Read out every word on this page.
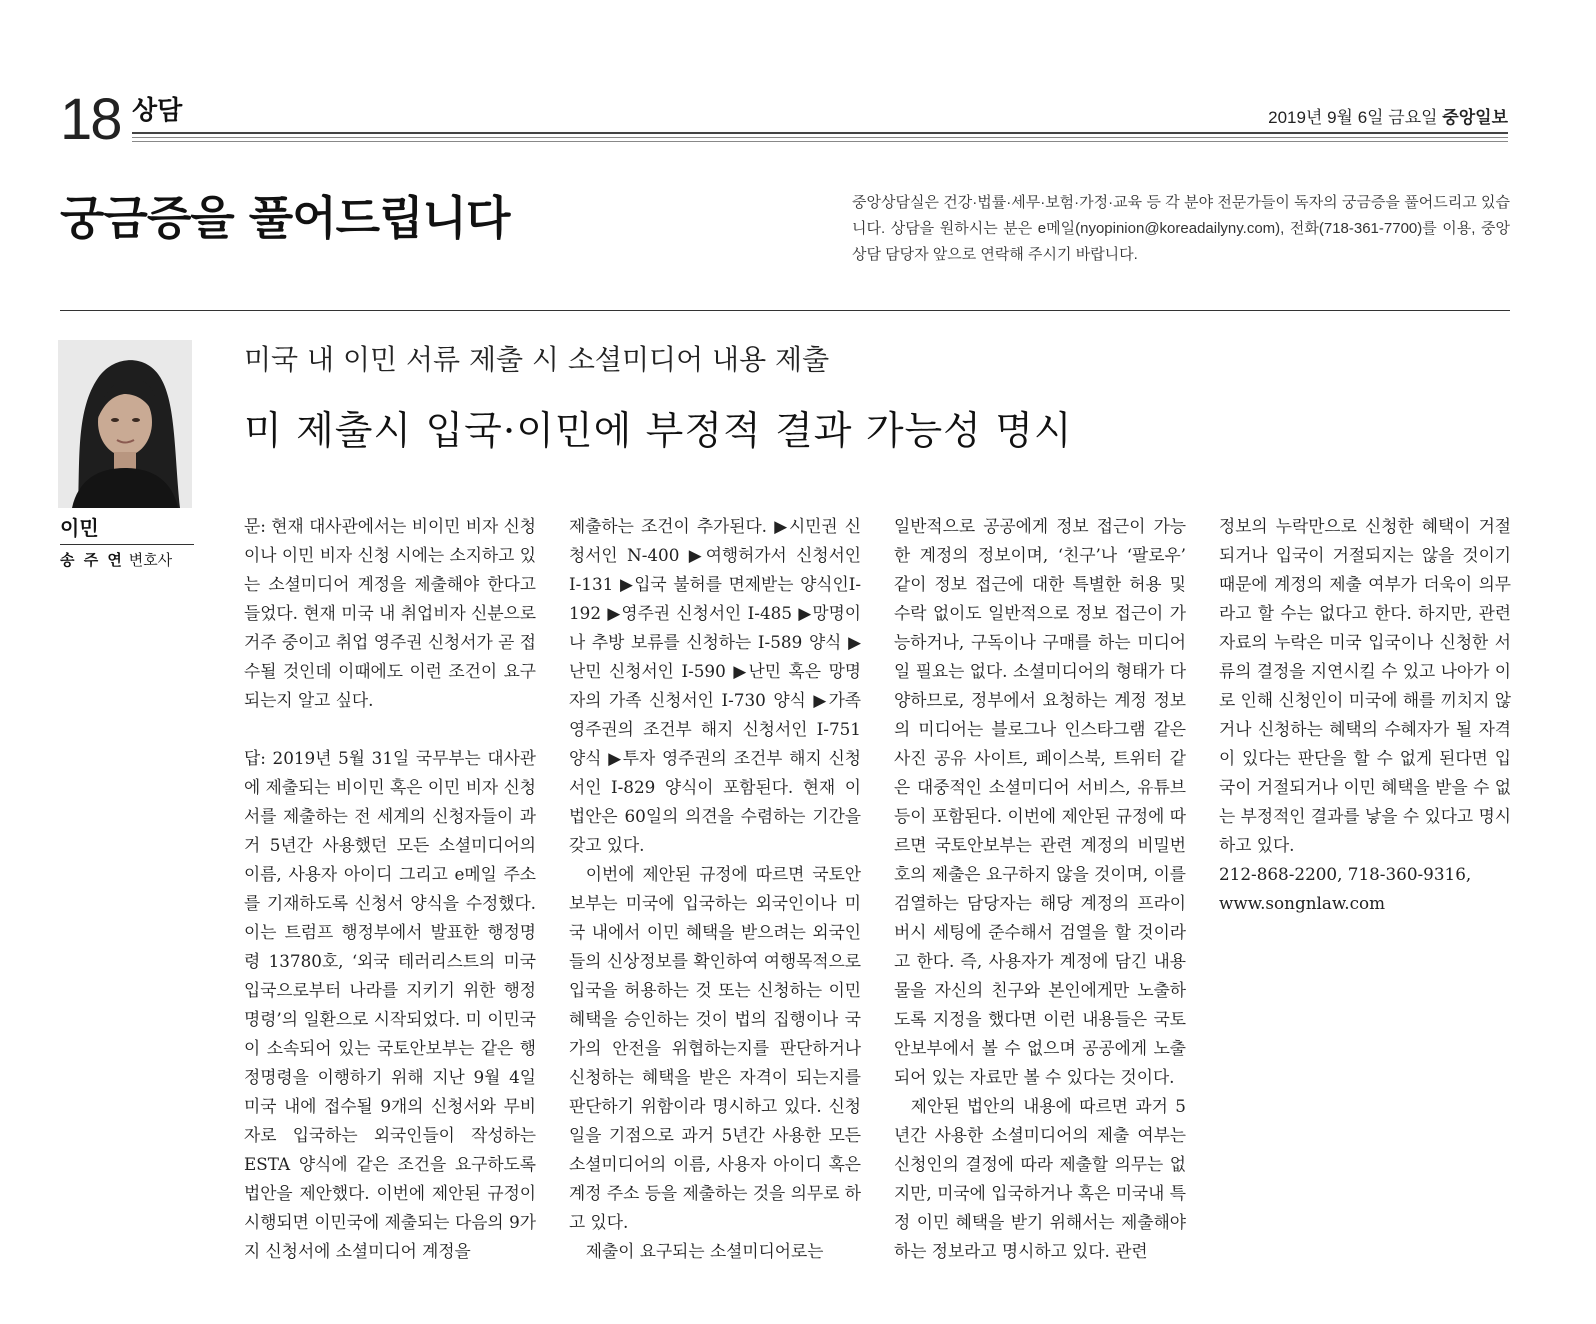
18 상담	2019년 9월 6일 금요일 중앙일보
궁금증을 풀어드립니다	중앙상담실은 건강·법률·세무·보험·가정·교육 등 각 분야 전문가들이 독자의 궁금증을 풀어드리고 있습니다. 상담을 원하시는 분은 e메일(nyopinion@koreadailyny.com), 전화(718-361-7700)를 이용, 중앙상담 담당자 앞으로 연락해 주시기 바랍니다.
이민
송 주 연 변호사
미국 내 이민 서류 제출 시 소셜미디어 내용 제출
미 제출시 입국·이민에 부정적 결과 가능성 명시

문: 현재 대사관에서는 비이민 비자 신청이나 이민 비자 신청 시에는 소지하고 있는 소셜미디어 계정을 제출해야 한다고 들었다. 현재 미국 내 취업비자 신분으로 거주 중이고 취업 영주권 신청서가 곧 접수될 것인데 이때에도 이런 조건이 요구되는지 알고 싶다.

답: 2019년 5월 31일 국무부는 대사관에 제출되는 비이민 혹은 이민 비자 신청서를 제출하는 전 세계의 신청자들이 과거 5년간 사용했던 모든 소셜미디어의 이름, 사용자 아이디 그리고 e메일 주소를 기재하도록 신청서 양식을 수정했다. 이는 트럼프 행정부에서 발표한 행정명령 13780호, ‘외국 테러리스트의 미국 입국으로부터 나라를 지키기 위한 행정명령’의 일환으로 시작되었다. 미 이민국이 소속되어 있는 국토안보부는 같은 행정명령을 이행하기 위해 지난 9월 4일 미국 내에 접수될 9개의 신청서와 무비자로 입국하는 외국인들이 작성하는 ESTA 양식에 같은 조건을 요구하도록 법안을 제안했다. 이번에 제안된 규정이 시행되면 이민국에 제출되는 다음의 9가지 신청서에 소셜미디어 계정을

제출하는 조건이 추가된다. ▶시민권 신청서인 N-400 ▶여행허가서 신청서인 I-131 ▶입국 불허를 면제받는 양식인I-192 ▶영주권 신청서인 I-485 ▶망명이나 추방 보류를 신청하는 I-589 양식 ▶난민 신청서인 I-590 ▶난민 혹은 망명자의 가족 신청서인 I-730 양식 ▶가족 영주권의 조건부 해지 신청서인 I-751 양식 ▶투자 영주권의 조건부 해지 신청서인 I-829 양식이 포함된다. 현재 이 법안은 60일의 의견을 수렴하는 기간을 갖고 있다.

이번에 제안된 규정에 따르면 국토안보부는 미국에 입국하는 외국인이나 미국 내에서 이민 혜택을 받으려는 외국인들의 신상정보를 확인하여 여행목적으로 입국을 허용하는 것 또는 신청하는 이민 혜택을 승인하는 것이 법의 집행이나 국가의 안전을 위협하는지를 판단하거나 신청하는 혜택을 받은 자격이 되는지를 판단하기 위함이라 명시하고 있다. 신청일을 기점으로 과거 5년간 사용한 모든 소셜미디어의 이름, 사용자 아이디 혹은 계정 주소 등을 제출하는 것을 의무로 하고 있다.

제출이 요구되는 소셜미디어로는

일반적으로 공공에게 정보 접근이 가능한 계정의 정보이며, ‘친구’나 ‘팔로우’ 같이 정보 접근에 대한 특별한 허용 및 수락 없이도 일반적으로 정보 접근이 가능하거나, 구독이나 구매를 하는 미디어일 필요는 없다. 소셜미디어의 형태가 다양하므로, 정부에서 요청하는 계정 정보의 미디어는 블로그나 인스타그램 같은 사진 공유 사이트, 페이스북, 트위터 같은 대중적인 소셜미디어 서비스, 유튜브 등이 포함된다. 이번에 제안된 규정에 따르면 국토안보부는 관련 계정의 비밀번호의 제출은 요구하지 않을 것이며, 이를 검열하는 담당자는 해당 계정의 프라이버시 세팅에 준수해서 검열을 할 것이라고 한다. 즉, 사용자가 계정에 담긴 내용물을 자신의 친구와 본인에게만 노출하도록 지정을 했다면 이런 내용들은 국토안보부에서 볼 수 없으며 공공에게 노출되어 있는 자료만 볼 수 있다는 것이다.

제안된 법안의 내용에 따르면 과거 5년간 사용한 소셜미디어의 제출 여부는 신청인의 결정에 따라 제출할 의무는 없지만, 미국에 입국하거나 혹은 미국내 특정 이민 혜택을 받기 위해서는 제출해야 하는 정보라고 명시하고 있다. 관련

정보의 누락만으로 신청한 혜택이 거절되거나 입국이 거절되지는 않을 것이기 때문에 계정의 제출 여부가 더욱이 의무라고 할 수는 없다고 한다. 하지만, 관련 자료의 누락은 미국 입국이나 신청한 서류의 결정을 지연시킬 수 있고 나아가 이로 인해 신청인이 미국에 해를 끼치지 않거나 신청하는 혜택의 수혜자가 될 자격이 있다는 판단을 할 수 없게 된다면 입국이 거절되거나 이민 혜택을 받을 수 없는 부정적인 결과를 낳을 수 있다고 명시하고 있다.

212-868-2200, 718-360-9316,

www.songnlaw.com
